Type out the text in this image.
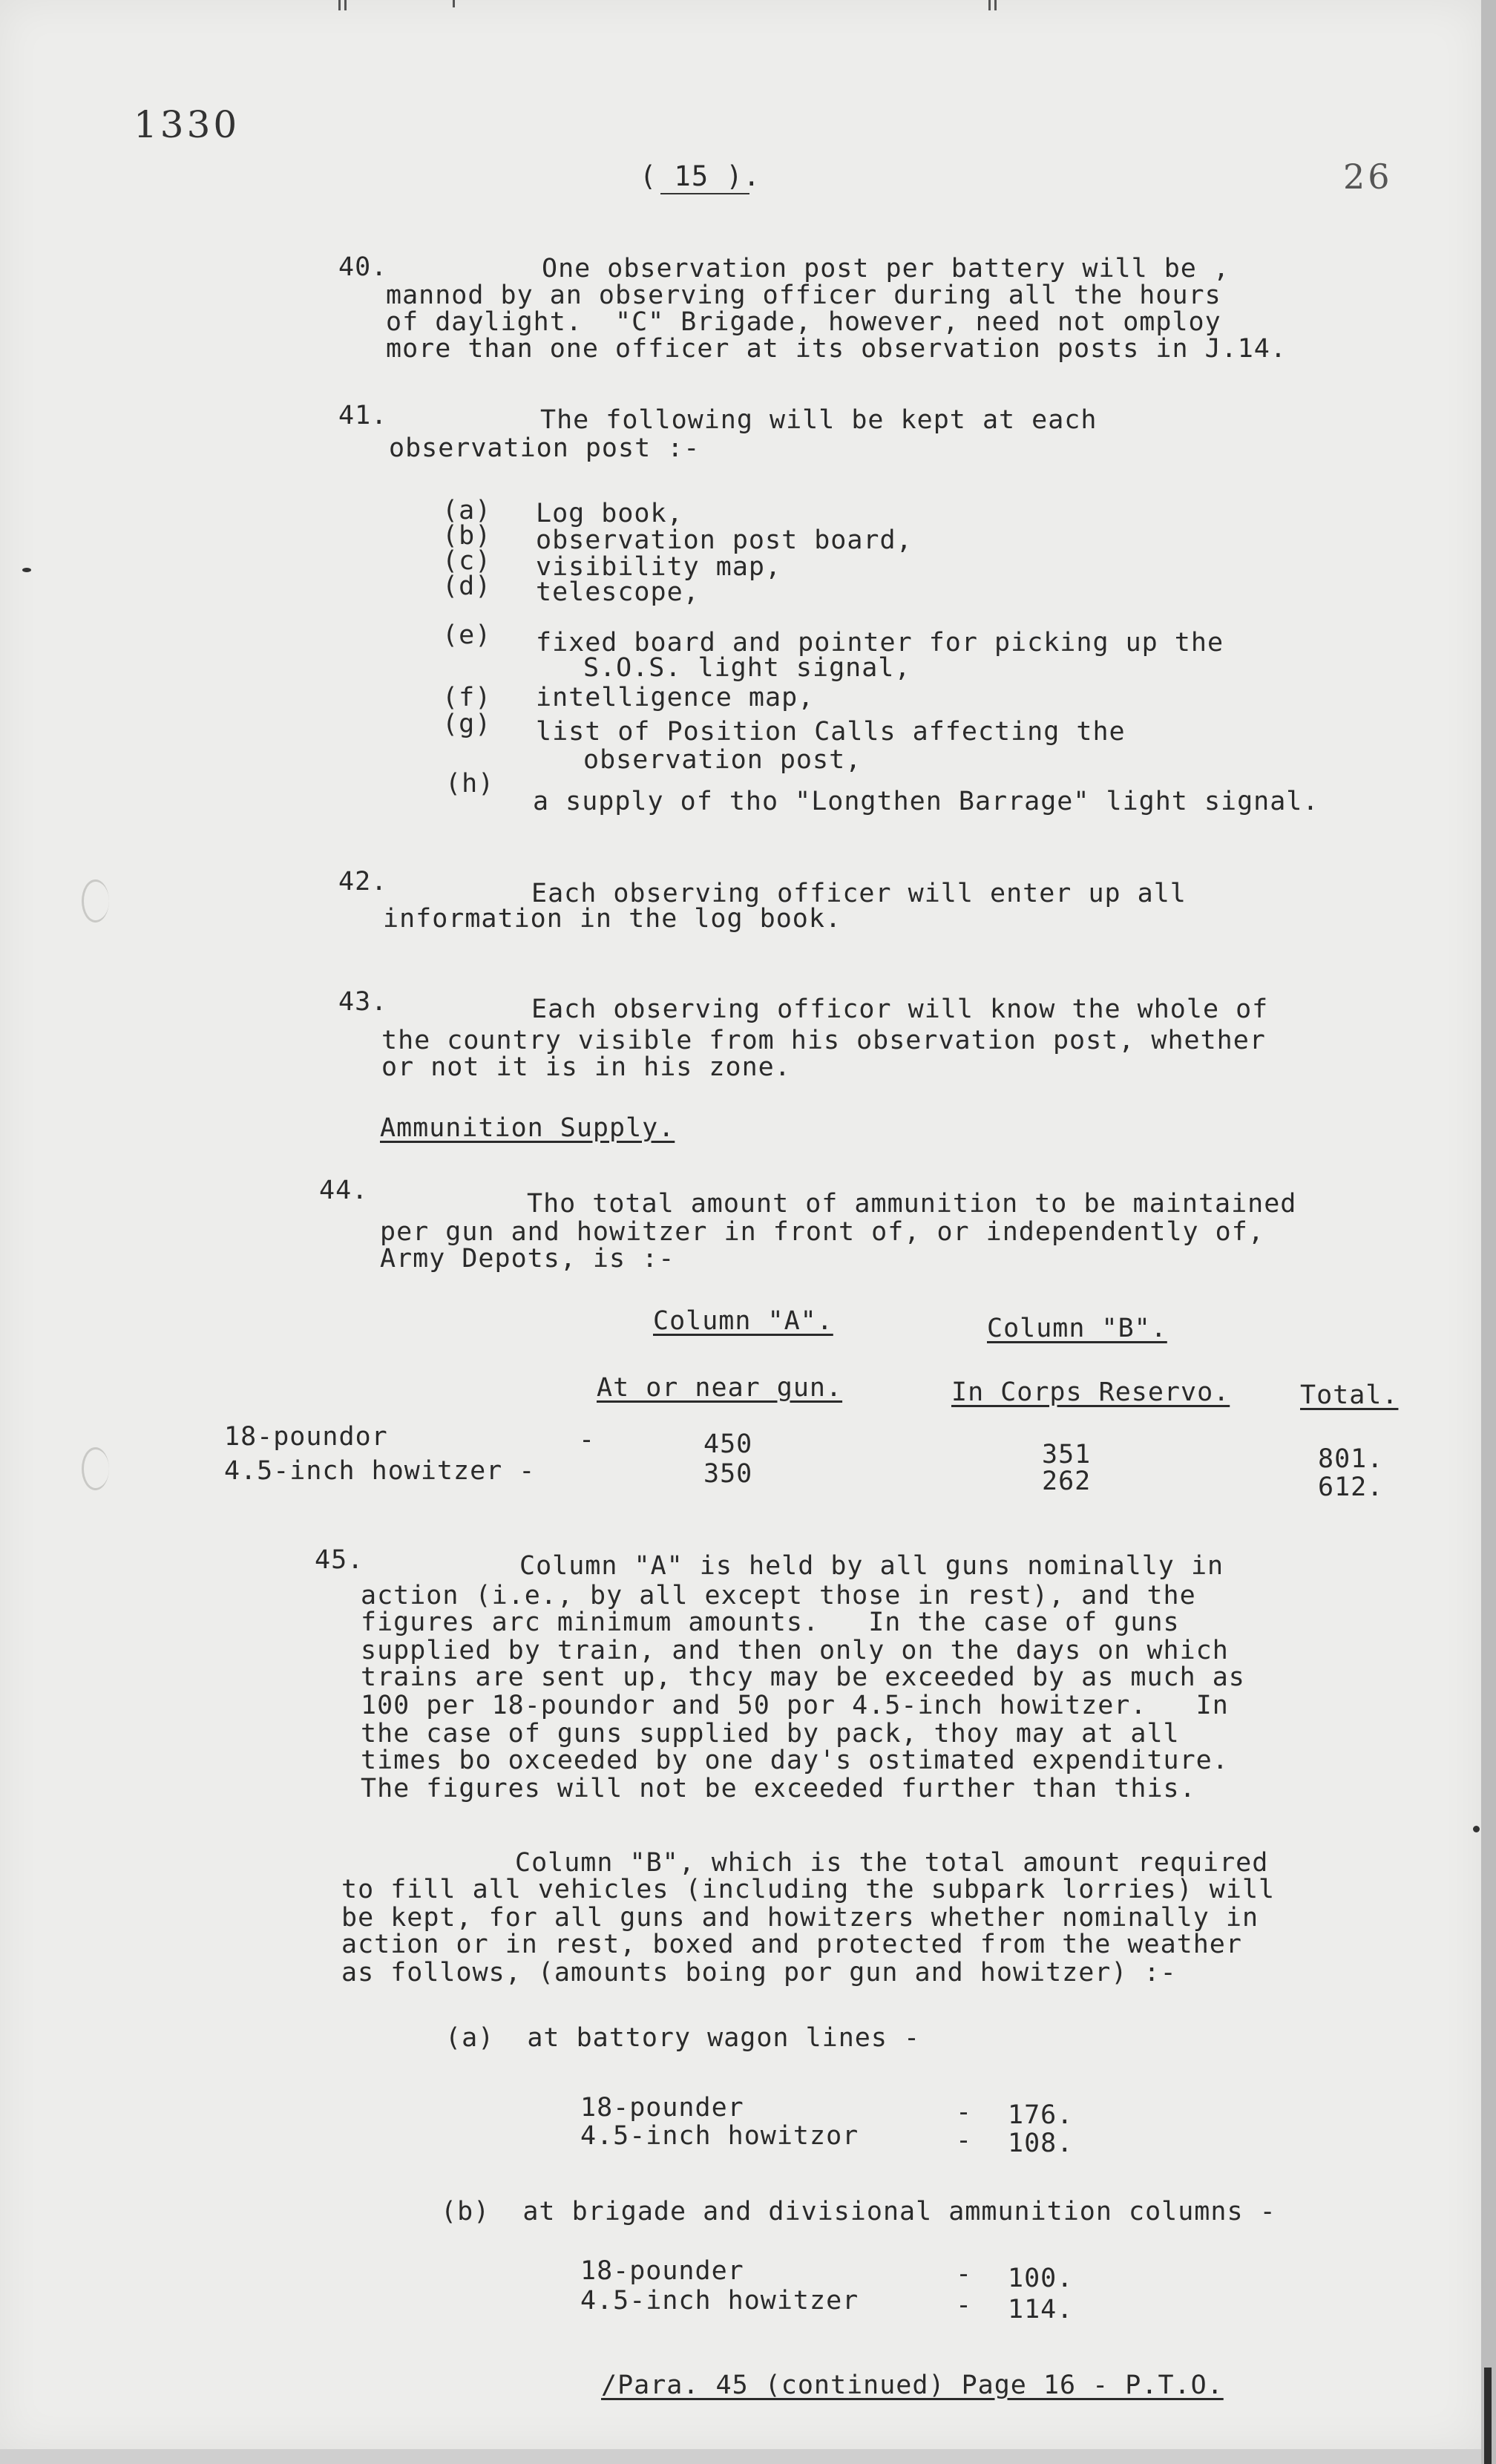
1330
( 15 ).	26
40.	One observation post per battery will be ,
mannod by an observing officer during all the hours
of daylight.  "C" Brigade, however, need not omploy
more than one officer at its observation posts in J.14.
41.	The following will be kept at each
observation post :-
(a) Log book,
(b) observation post board,
(c) visibility map,
(d) telescope,
(e) fixed board and pointer for picking up the
S.O.S. light signal,
(f) intelligence map,
(g) list of Position Calls affecting the
observation post,
(h)
a supply of tho "Longthen Barrage" light signal.
42.	Each observing officer will enter up all
information in the log book.
43.	Each observing officor will know the whole of
the country visible from his observation post, whether
or not it is in his zone.
Ammunition Supply.
44.	Tho total amount of ammunition to be maintained
per gun and howitzer in front of, or independently of,
Army Depots, is :-
Column "A".	Column "B".
At or near gun.	In Corps Reservo.	Total.
18-poundor	-	450	351	801.
4.5-inch howitzer -	350	262	612.
45.	Column "A" is held by all guns nominally in
action (i.e., by all except those in rest), and the
figures arc minimum amounts.   In the case of guns
supplied by train, and then only on the days on which
trains are sent up, thcy may be exceeded by as much as
100 per 18-poundor and 50 por 4.5-inch howitzer.   In
the case of guns supplied by pack, thoy may at all
times bo oxceeded by one day's ostimated expenditure.
The figures will not be exceeded further than this.
Column "B", which is the total amount required
to fill all vehicles (including the subpark lorries) will
be kept, for all guns and howitzers whether nominally in
action or in rest, boxed and protected from the weather
as follows, (amounts boing por gun and howitzer) :-
(a)  at battory wagon lines -
18-pounder	- 176.
4.5-inch howitzor	- 108.
(b)  at brigade and divisional ammunition columns -
18-pounder	- 100.
4.5-inch howitzer	- 114.
/Para. 45 (continued) Page 16 - P.T.O.
